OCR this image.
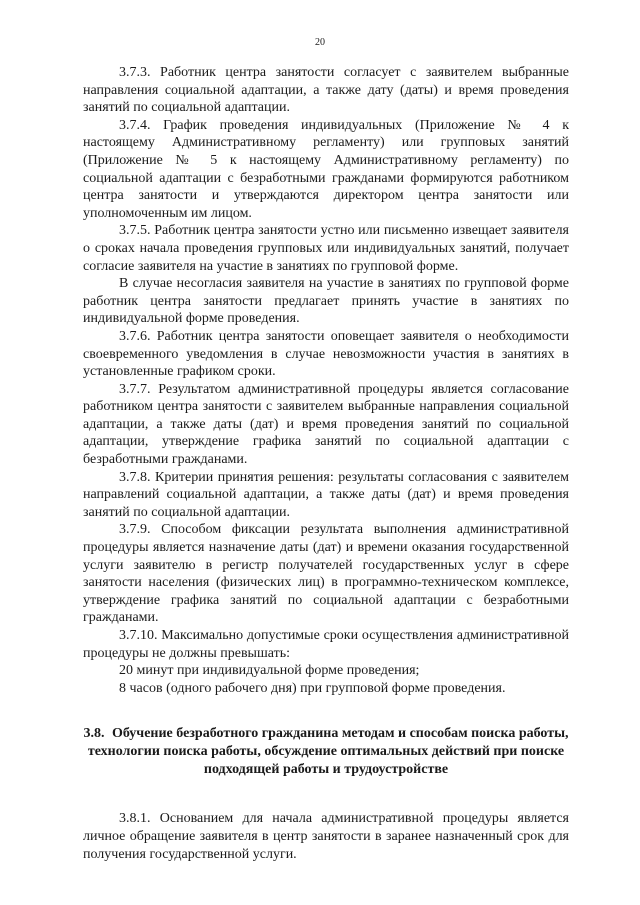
20

3.7.3. Работник центра занятости согласует с заявителем выбранные направления социальной адаптации, а также дату (даты) и время проведения занятий по социальной адаптации.

3.7.4. График проведения индивидуальных (Приложение № 4 к настоящему Административному регламенту) или групповых занятий (Приложение № 5 к настоящему Административному регламенту) по социальной адаптации с безработными гражданами формируются работником центра занятости и утверждаются директором центра занятости или уполномоченным им лицом.

3.7.5. Работник центра занятости устно или письменно извещает заявителя о сроках начала проведения групповых или индивидуальных занятий, получает согласие заявителя на участие в занятиях по групповой форме.

В случае несогласия заявителя на участие в занятиях по групповой форме работник центра занятости предлагает принять участие в занятиях по индивидуальной форме проведения.

3.7.6. Работник центра занятости оповещает заявителя о необходимости своевременного уведомления в случае невозможности участия в занятиях в установленные графиком сроки.

3.7.7. Результатом административной процедуры является согласование работником центра занятости с заявителем выбранные направления социальной адаптации, а также даты (дат) и время проведения занятий по социальной адаптации, утверждение графика занятий по социальной адаптации с безработными гражданами.

3.7.8. Критерии принятия решения: результаты согласования с заявителем направлений социальной адаптации, а также даты (дат) и время проведения занятий по социальной адаптации.

3.7.9. Способом фиксации результата выполнения административной процедуры является назначение даты (дат) и времени оказания государственной услуги заявителю в регистр получателей государственных услуг в сфере занятости населения (физических лиц) в программно-техническом комплексе, утверждение графика занятий по социальной адаптации с безработными гражданами.

3.7.10. Максимально допустимые сроки осуществления административной процедуры не должны превышать:

20 минут при индивидуальной форме проведения;

8 часов (одного рабочего дня) при групповой форме проведения.

3.8. Обучение безработного гражданина методам и способам поиска работы, технологии поиска работы, обсуждение оптимальных действий при поиске подходящей работы и трудоустройстве

3.8.1. Основанием для начала административной процедуры является личное обращение заявителя в центр занятости в заранее назначенный срок для получения государственной услуги.
